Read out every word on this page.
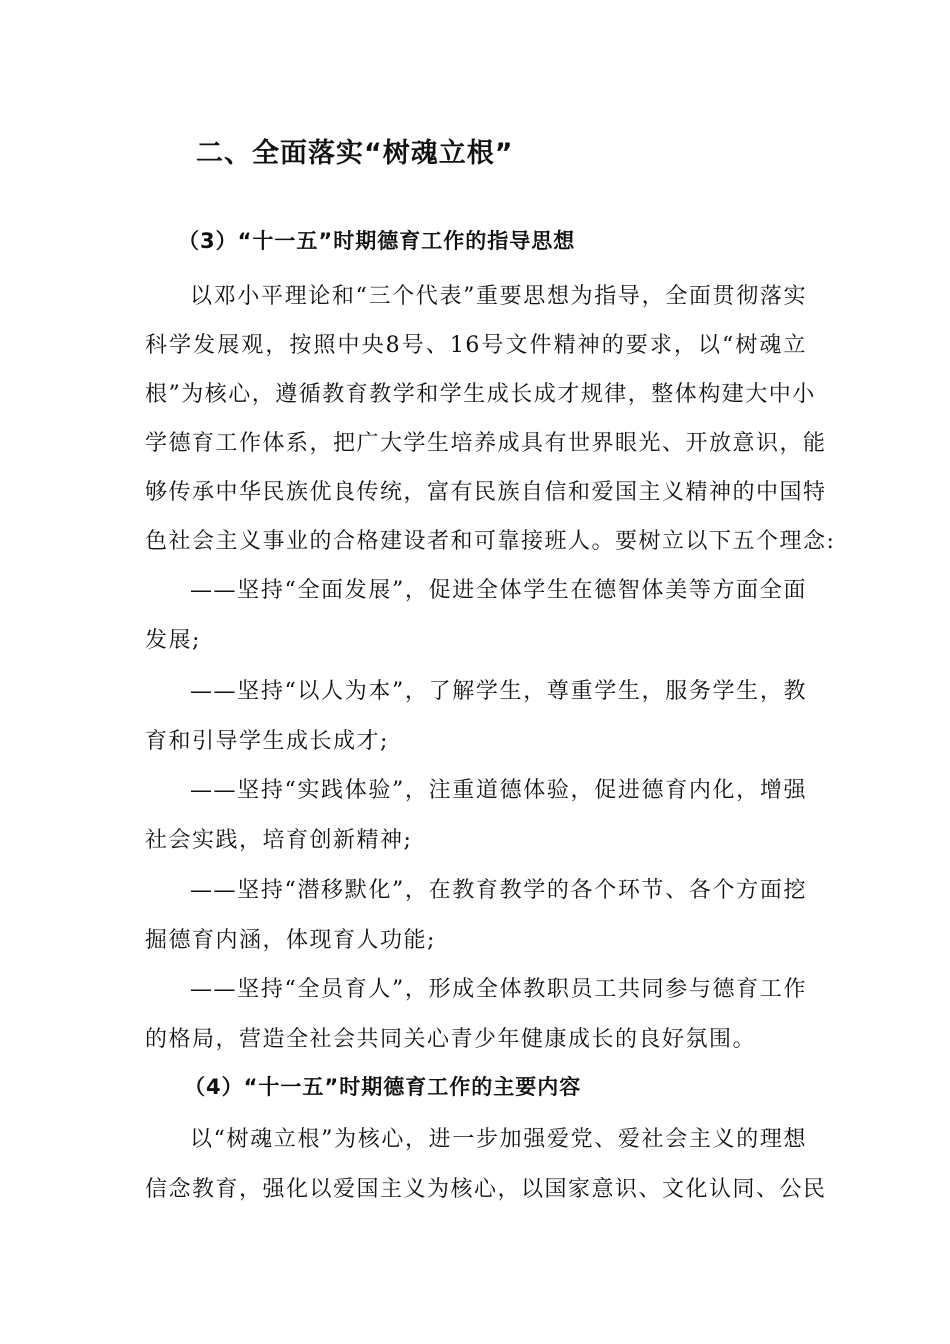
二、全面落实“树魂立根”
（3）“十一五”时期德育工作的指导思想
以邓小平理论和“三个代表”重要思想为指导，全面贯彻落实
科学发展观，按照中央8号、16号文件精神的要求，以“树魂立
根”为核心，遵循教育教学和学生成长成才规律，整体构建大中小
学德育工作体系，把广大学生培养成具有世界眼光、开放意识，能
够传承中华民族优良传统，富有民族自信和爱国主义精神的中国特
色社会主义事业的合格建设者和可靠接班人。要树立以下五个理念:
——坚持“全面发展”，促进全体学生在德智体美等方面全面
发展;
——坚持“以人为本”，了解学生，尊重学生，服务学生，教
育和引导学生成长成才;
——坚持“实践体验”，注重道德体验，促进德育内化，增强
社会实践，培育创新精神;
——坚持“潜移默化”，在教育教学的各个环节、各个方面挖
掘德育内涵，体现育人功能;
——坚持“全员育人”，形成全体教职员工共同参与德育工作
的格局，营造全社会共同关心青少年健康成长的良好氛围。
（4）“十一五”时期德育工作的主要内容
以“树魂立根”为核心，进一步加强爱党、爱社会主义的理想
信念教育，强化以爱国主义为核心，以国家意识、文化认同、公民
